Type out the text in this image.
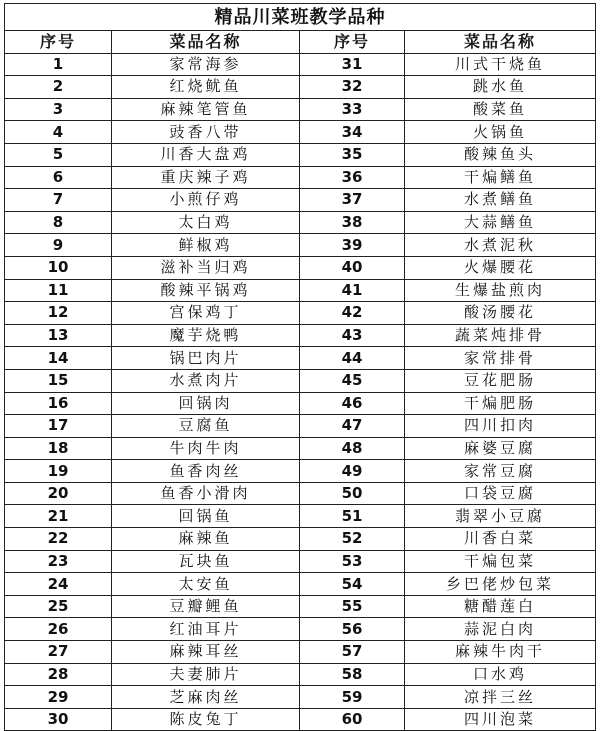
精品川菜班教学品种			
序号	菜品名称	序号	菜品名称
1	家常海参	31	川式干烧鱼
2	红烧鱿鱼	32	跳水鱼
3	麻辣笔管鱼	33	酸菜鱼
4	豉香八带	34	火锅鱼
5	川香大盘鸡	35	酸辣鱼头
6	重庆辣子鸡	36	干煸鳝鱼
7	小煎仔鸡	37	水煮鳝鱼
8	太白鸡	38	大蒜鳝鱼
9	鲜椒鸡	39	水煮泥秋
10	滋补当归鸡	40	火爆腰花
11	酸辣平锅鸡	41	生爆盐煎肉
12	宫保鸡丁	42	酸汤腰花
13	魔芋烧鸭	43	蔬菜炖排骨
14	锅巴肉片	44	家常排骨
15	水煮肉片	45	豆花肥肠
16	回锅肉	46	干煸肥肠
17	豆腐鱼	47	四川扣肉
18	牛肉牛肉	48	麻婆豆腐
19	鱼香肉丝	49	家常豆腐
20	鱼香小滑肉	50	口袋豆腐
21	回锅鱼	51	翡翠小豆腐
22	麻辣鱼	52	川香白菜
23	瓦块鱼	53	干煸包菜
24	太安鱼	54	乡巴佬炒包菜
25	豆瓣鲤鱼	55	糖醋莲白
26	红油耳片	56	蒜泥白肉
27	麻辣耳丝	57	麻辣牛肉干
28	夫妻肺片	58	口水鸡
29	芝麻肉丝	59	凉拌三丝
30	陈皮兔丁	60	四川泡菜
